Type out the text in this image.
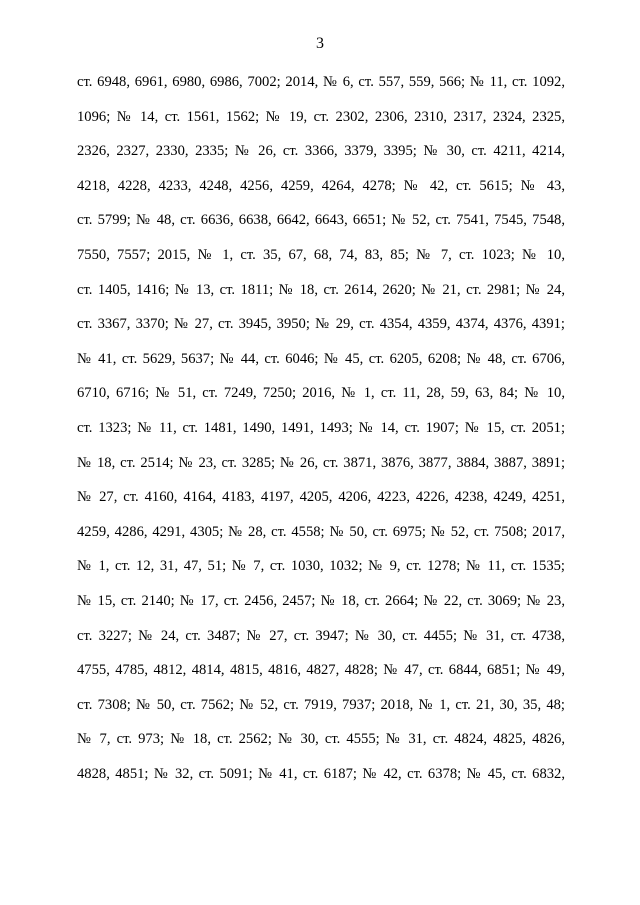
3
ст. 6948, 6961, 6980, 6986, 7002; 2014, № 6, ст. 557, 559, 566; № 11, ст. 1092,
1096; № 14, ст. 1561, 1562; № 19, ст. 2302, 2306, 2310, 2317, 2324, 2325,
2326, 2327, 2330, 2335; № 26, ст. 3366, 3379, 3395; № 30, ст. 4211, 4214,
4218, 4228, 4233, 4248, 4256, 4259, 4264, 4278; № 42, ст. 5615; № 43,
ст. 5799; № 48, ст. 6636, 6638, 6642, 6643, 6651; № 52, ст. 7541, 7545, 7548,
7550, 7557; 2015, № 1, ст. 35, 67, 68, 74, 83, 85; № 7, ст. 1023; № 10,
ст. 1405, 1416; № 13, ст. 1811; № 18, ст. 2614, 2620; № 21, ст. 2981; № 24,
ст. 3367, 3370; № 27, ст. 3945, 3950; № 29, ст. 4354, 4359, 4374, 4376, 4391;
№ 41, ст. 5629, 5637; № 44, ст. 6046; № 45, ст. 6205, 6208; № 48, ст. 6706,
6710, 6716; № 51, ст. 7249, 7250; 2016, № 1, ст. 11, 28, 59, 63, 84; № 10,
ст. 1323; № 11, ст. 1481, 1490, 1491, 1493; № 14, ст. 1907; № 15, ст. 2051;
№ 18, ст. 2514; № 23, ст. 3285; № 26, ст. 3871, 3876, 3877, 3884, 3887, 3891;
№ 27, ст. 4160, 4164, 4183, 4197, 4205, 4206, 4223, 4226, 4238, 4249, 4251,
4259, 4286, 4291, 4305; № 28, ст. 4558; № 50, ст. 6975; № 52, ст. 7508; 2017,
№ 1, ст. 12, 31, 47, 51; № 7, ст. 1030, 1032; № 9, ст. 1278; № 11, ст. 1535;
№ 15, ст. 2140; № 17, ст. 2456, 2457; № 18, ст. 2664; № 22, ст. 3069; № 23,
ст. 3227; № 24, ст. 3487; № 27, ст. 3947; № 30, ст. 4455; № 31, ст. 4738,
4755, 4785, 4812, 4814, 4815, 4816, 4827, 4828; № 47, ст. 6844, 6851; № 49,
ст. 7308; № 50, ст. 7562; № 52, ст. 7919, 7937; 2018, № 1, ст. 21, 30, 35, 48;
№ 7, ст. 973; № 18, ст. 2562; № 30, ст. 4555; № 31, ст. 4824, 4825, 4826,
4828, 4851; № 32, ст. 5091; № 41, ст. 6187; № 42, ст. 6378; № 45, ст. 6832,
